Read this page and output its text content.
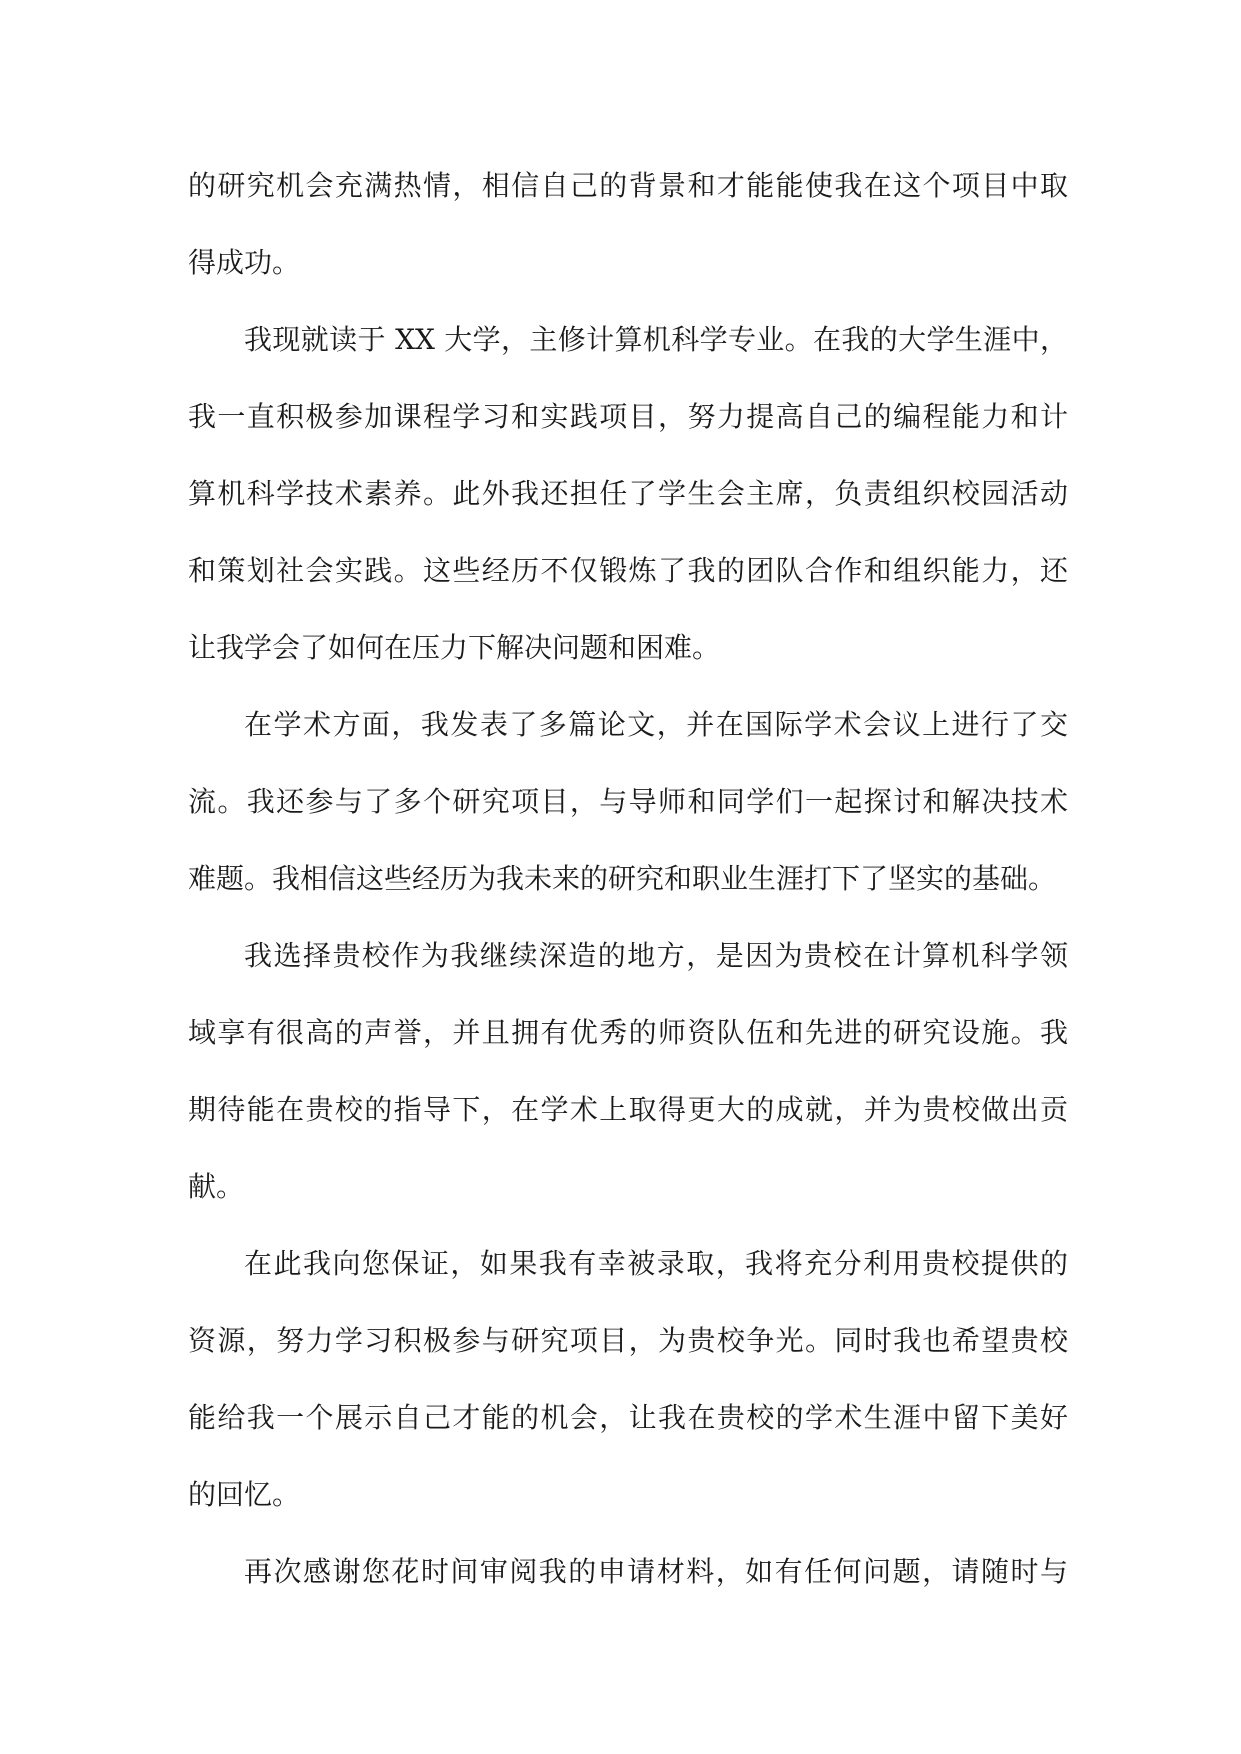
的研究机会充满热情，相信自己的背景和才能能使我在这个项目中取
得成功。
我现就读于 XX 大学，主修计算机科学专业。在我的大学生涯中，
我一直积极参加课程学习和实践项目，努力提高自己的编程能力和计
算机科学技术素养。此外我还担任了学生会主席，负责组织校园活动
和策划社会实践。这些经历不仅锻炼了我的团队合作和组织能力，还
让我学会了如何在压力下解决问题和困难。
在学术方面，我发表了多篇论文，并在国际学术会议上进行了交
流。我还参与了多个研究项目，与导师和同学们一起探讨和解决技术
难题。我相信这些经历为我未来的研究和职业生涯打下了坚实的基础。
我选择贵校作为我继续深造的地方，是因为贵校在计算机科学领
域享有很高的声誉，并且拥有优秀的师资队伍和先进的研究设施。我
期待能在贵校的指导下，在学术上取得更大的成就，并为贵校做出贡
献。
在此我向您保证，如果我有幸被录取，我将充分利用贵校提供的
资源，努力学习积极参与研究项目，为贵校争光。同时我也希望贵校
能给我一个展示自己才能的机会，让我在贵校的学术生涯中留下美好
的回忆。
再次感谢您花时间审阅我的申请材料，如有任何问题，请随时与
